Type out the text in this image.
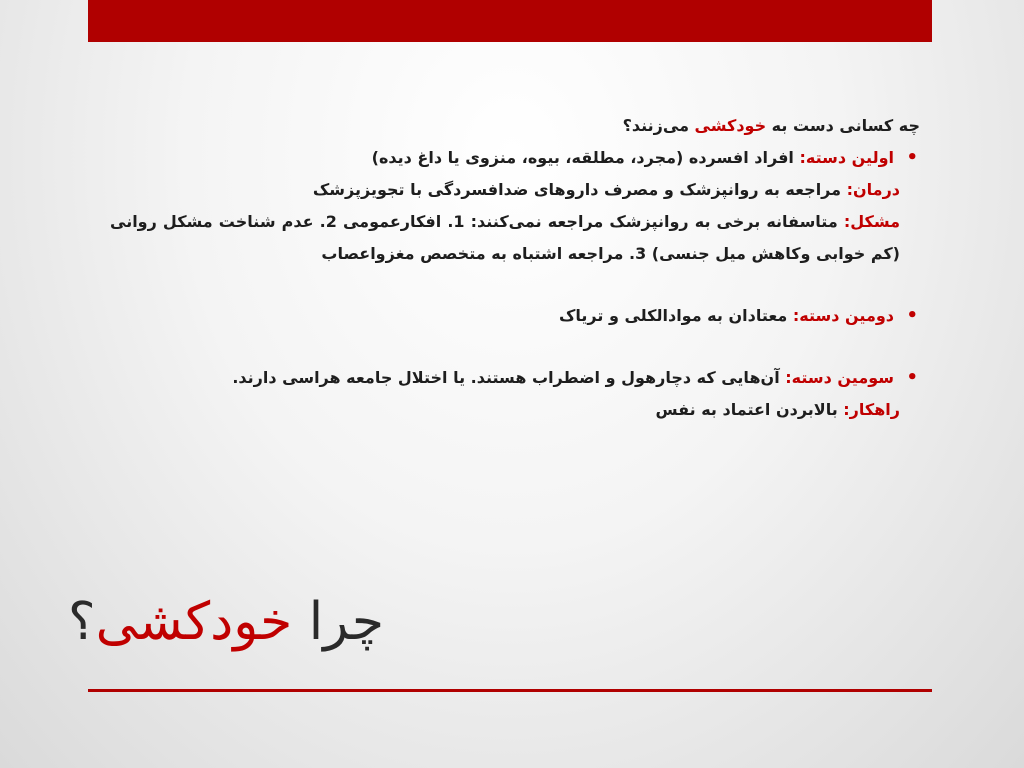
چه کسانی دست به خودکشی می‌زنند؟

•
اولین دسته: افراد افسرده (مجرد، مطلقه، بیوه، منزوی یا داغ دیده)

درمان: مراجعه به روانپزشک و مصرف داروهای ضدافسردگی با تجویزپزشک

مشکل: متاسفانه برخی به روانپزشک مراجعه نمی‌کنند: 1. افکارعمومی 2. عدم شناخت مشکل روانی (کم خوابی وکاهش میل جنسی) 3. مراجعه اشتباه به متخصص مغزواعصاب

•
دومین دسته: معتادان به موادالکلی و تریاک
•
سومین دسته: آن‌هایی که دچارهول و اضطراب هستند. یا اختلال جامعه هراسی دارند.

راهکار: بالابردن اعتماد به نفس

چرا خودکشی؟
